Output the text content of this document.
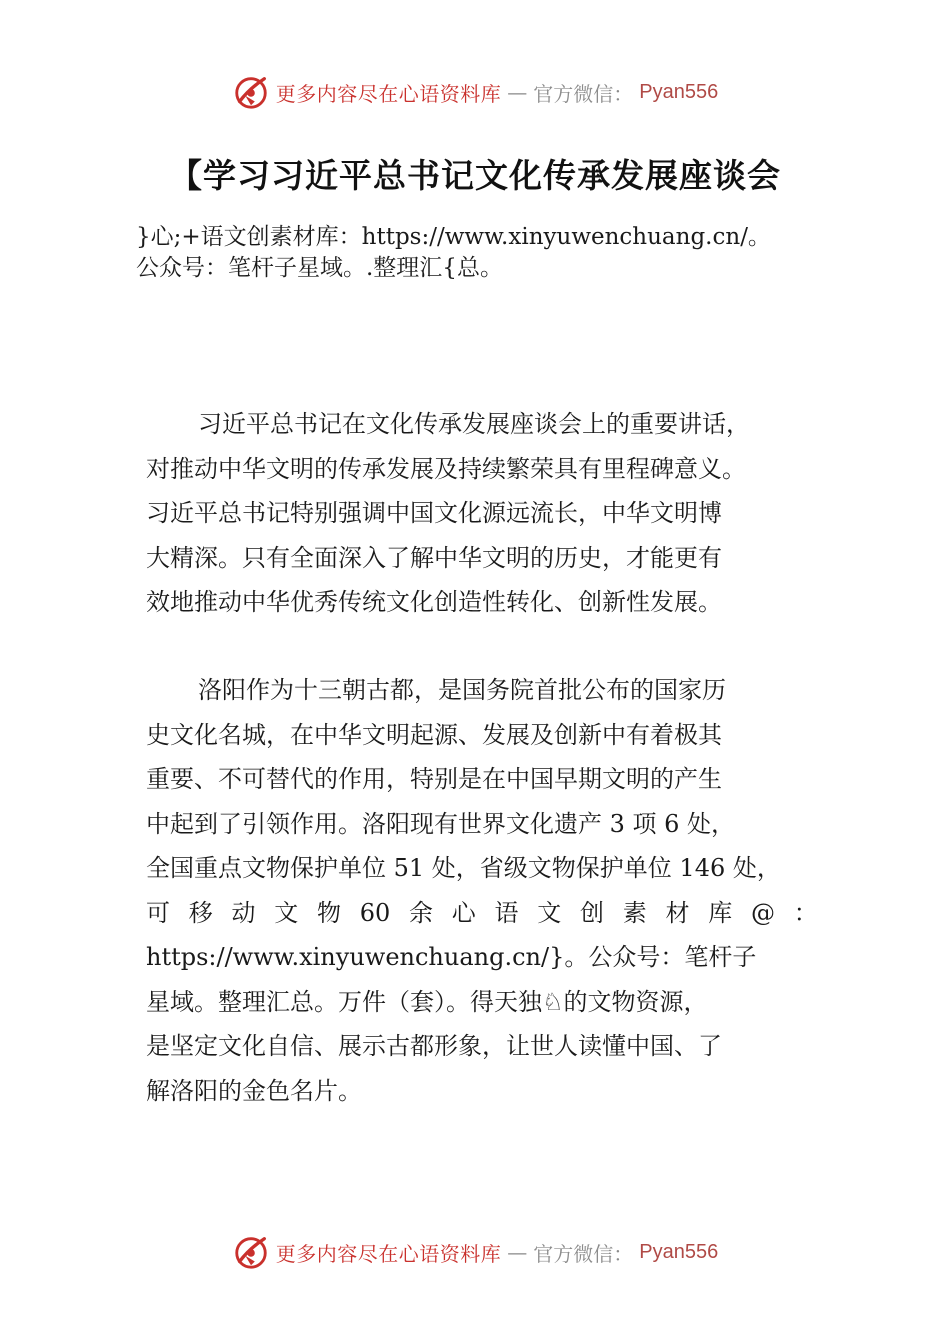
更多内容尽在心语资料库 — 官方微信： Pyan556
【学习习近平总书记文化传承发展座谈会
}心;+语文创素材库：https://www.xinyuwenchuang.cn/。
公众号：笔杆子星域。.整理汇{总。
习近平总书记在文化传承发展座谈会上的重要讲话，
对推动中华文明的传承发展及持续繁荣具有里程碑意义。
习近平总书记特别强调中国文化源远流长，中华文明博
大精深。只有全面深入了解中华文明的历史，才能更有
效地推动中华优秀传统文化创造性转化、创新性发展。
洛阳作为十三朝古都，是国务院首批公布的国家历
史文化名城，在中华文明起源、发展及创新中有着极其
重要、不可替代的作用，特别是在中国早期文明的产生
中起到了引领作用。洛阳现有世界文化遗产 3 项 6 处，
全国重点文物保护单位 51 处，省级文物保护单位 146 处，
可 移 动 文 物 60 余 心 语 文 创 素 材 库 @ ：
https://www.xinyuwenchuang.cn/}。公众号：笔杆子
星域。整理汇总。万件（套）。得天独♘的文物资源，
是坚定文化自信、展示古都形象，让世人读懂中国、了
解洛阳的金色名片。
更多内容尽在心语资料库 — 官方微信： Pyan556
